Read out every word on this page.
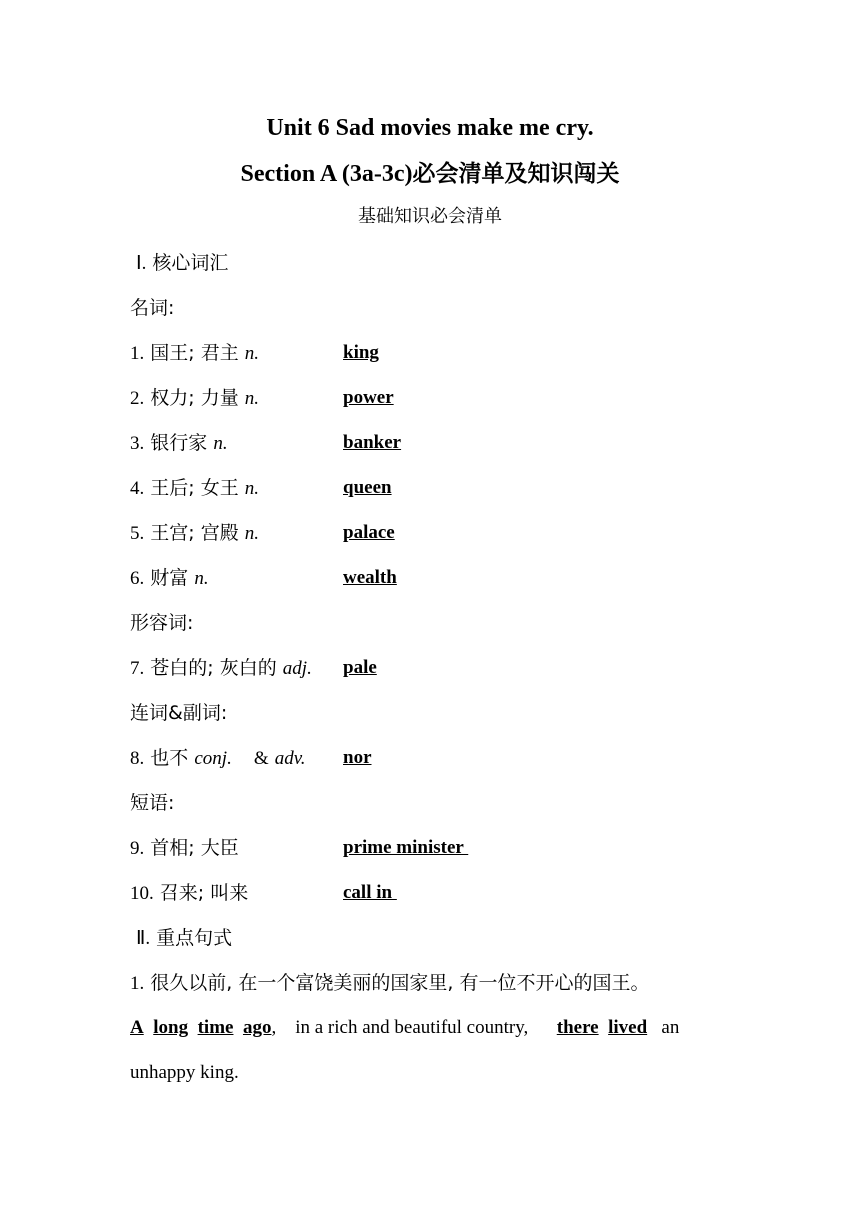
Unit 6 Sad movies make me cry.
Section A (3a-3c)必会清单及知识闯关
基础知识必会清单
Ⅰ. 核心词汇
名词:
1. 国王; 君主 n.	king
2. 权力; 力量 n.	power
3. 银行家 n.	banker
4. 王后; 女王 n.	queen
5. 王宫; 宫殿 n.	palace
6. 财富 n.	wealth
形容词:
7. 苍白的; 灰白的 adj. pale
连词&副词:
8. 也不 conj. & adv. nor
短语:
9. 首相; 大臣	prime minister
10. 召来; 叫来	call in
Ⅱ. 重点句式
1. 很久以前, 在一个富饶美丽的国家里, 有一位不开心的国王。
A long time ago,    in a rich and beautiful country, there lived an
unhappy king.
